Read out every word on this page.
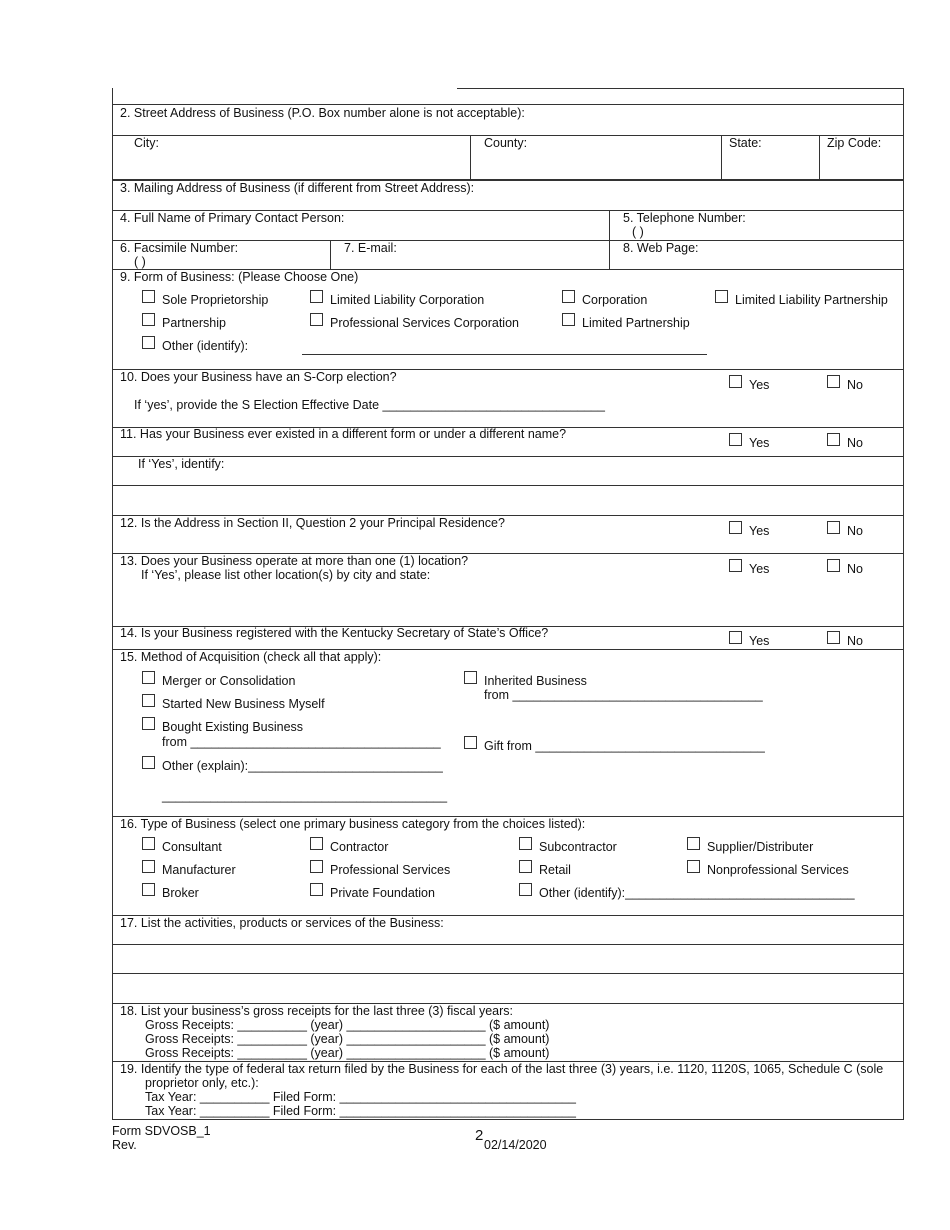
2. Street Address of Business (P.O. Box number alone is not acceptable):
City:	County:	State:	Zip Code:
3. Mailing Address of Business (if different from Street Address):
4. Full Name of Primary Contact Person:	5. Telephone Number:
( )
6. Facsimile Number:
( )
7. E-mail:	8. Web Page:
9. Form of Business: (Please Choose One)
Sole Proprietorship	Limited Liability Corporation	Corporation	Limited Liability Partnership
Partnership	Professional Services Corporation	Limited Partnership
Other (identify):
10. Does your Business have an S-Corp election?
Yes	No
If ‘yes’, provide the S Election Effective Date ________________________________
11. Has your Business ever existed in a different form or under a different name?
Yes	No
If ‘Yes’, identify:
12. Is the Address in Section II, Question 2 your Principal Residence?
Yes	No
13. Does your Business operate at more than one (1) location?
If ‘Yes’, please list other location(s) by city and state:	Yes	No
14. Is your Business registered with the Kentucky Secretary of State’s Office?
Yes	No
15. Method of Acquisition (check all that apply):
Merger or Consolidation
Started New Business Myself
Bought Existing Business
from ____________________________________
Other (explain):____________________________
_________________________________________
Inherited Business
from ____________________________________
Gift from _________________________________
16. Type of Business (select one primary business category from the choices listed):
Consultant	Contractor	Subcontractor	Supplier/Distributer
Manufacturer	Professional Services	Retail	Nonprofessional Services
Broker	Private Foundation	Other (identify):_________________________________
17. List the activities, products or services of the Business:
18. List your business’s gross receipts for the last three (3) fiscal years:
Gross Receipts: __________ (year) ____________________ ($ amount)
Gross Receipts: __________ (year) ____________________ ($ amount)
Gross Receipts: __________ (year) ____________________ ($ amount)
19. Identify the type of federal tax return filed by the Business for each of the last three (3) years, i.e. 1120, 1120S, 1065, Schedule C (sole
proprietor only, etc.):
Tax Year: __________ Filed Form: __________________________________
Tax Year: __________ Filed Form: __________________________________
Form SDVOSB_1
Rev.
2
02/14/2020
